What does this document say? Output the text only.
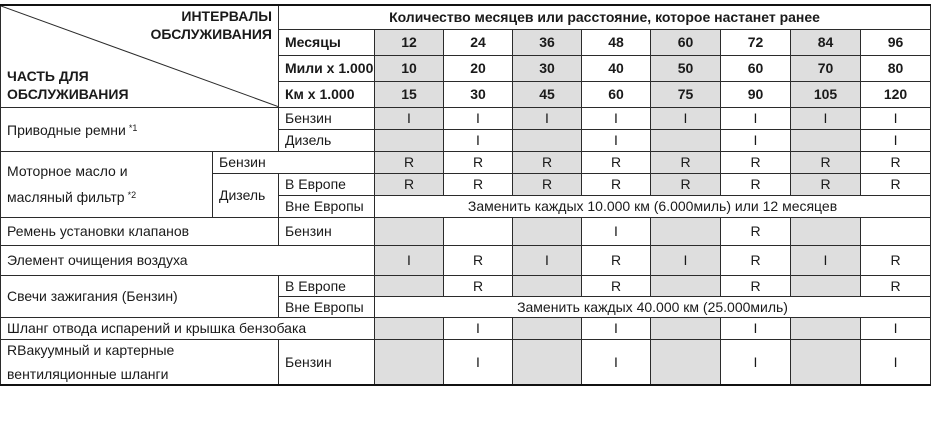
ИНТЕРВАЛЫ
ОБСЛУЖИВАНИЯ
ЧАСТЬ ДЛЯ
ОБСЛУЖИВАНИЯ		Количество месяцев или расстояние, которое настанет ранее								
		Месяцы	12	24	36	48	60	72	84	96
		Мили x 1.000	10	20	30	40	50	60	70	80
		Км x 1.000	15	30	45	60	75	90	105	120
Приводные ремни $^{*1}$		Бензин	I	I	I	I	I	I	I	I
		Дизель		I		I		I		I

Моторное масло и
масляный фильтр $^{*2}$	Бензин		R	R	R	R	R	R	R	R
	Дизель	В Европе	R	R	R	R	R	R	R	R
		Вне Европы	Заменить каждых 10.000 км (6.000миль) или 12 месяцев							
Ремень установки клапанов		Бензин				I		R		
Элемент очищения воздуха			I	R	I	R	I	R	I	R
Свечи зажигания (Бензин)		В Европе		R		R		R		R
		Вне Европы	Заменить каждых 40.000 км (25.000миль)							
Шланг отвода испарений и крышка бензобака				I		I		I		I

RВакуумный и картерные
вентиляционные шланги		Бензин		I		I		I		I
